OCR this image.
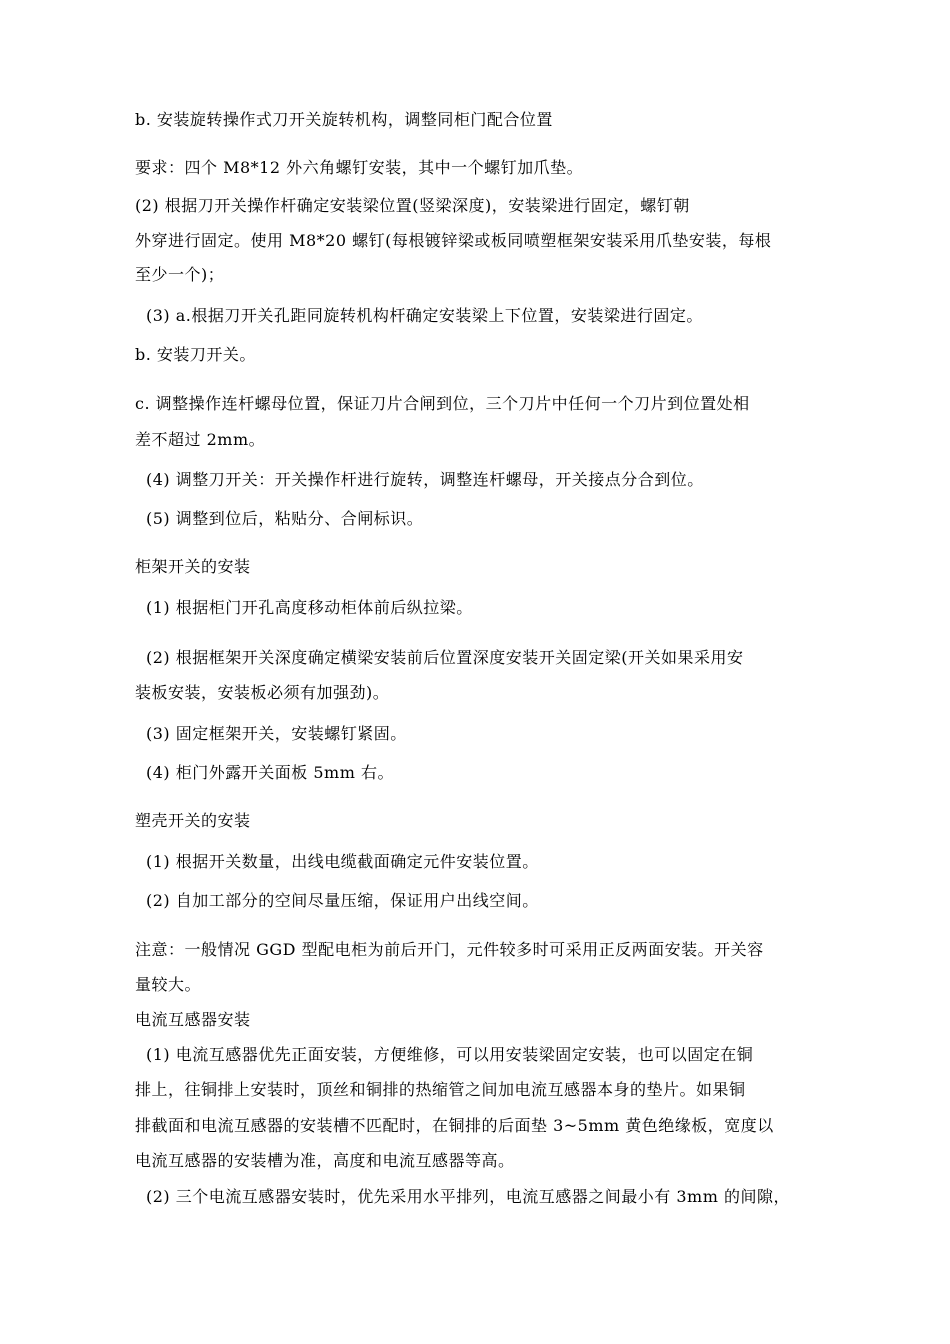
b. 安装旋转操作式刀开关旋转机构，调整同柜门配合位置
要求：四个 M8*12 外六角螺钉安装，其中一个螺钉加爪垫。
(2) 根据刀开关操作杆确定安装梁位置(竖梁深度)，安装梁进行固定，螺钉朝
外穿进行固定。使用 M8*20 螺钉(每根镀锌梁或板同喷塑框架安装采用爪垫安装，每根
至少一个)；
(3) a.根据刀开关孔距同旋转机构杆确定安装梁上下位置，安装梁进行固定。
b. 安装刀开关。
c. 调整操作连杆螺母位置，保证刀片合闸到位，三个刀片中任何一个刀片到位置处相
差不超过 2mm。
(4) 调整刀开关：开关操作杆进行旋转，调整连杆螺母，开关接点分合到位。
(5) 调整到位后，粘贴分、合闸标识。
柜架开关的安装
(1) 根据柜门开孔高度移动柜体前后纵拉梁。
(2) 根据框架开关深度确定横梁安装前后位置深度安装开关固定梁(开关如果采用安
装板安装，安装板必须有加强劲)。
(3) 固定框架开关，安装螺钉紧固。
(4) 柜门外露开关面板 5mm 右。
塑壳开关的安装
(1) 根据开关数量，出线电缆截面确定元件安装位置。
(2) 自加工部分的空间尽量压缩，保证用户出线空间。
注意：一般情况 GGD 型配电柜为前后开门，元件较多时可采用正反两面安装。开关容
量较大。
电流互感器安装
(1) 电流互感器优先正面安装，方便维修，可以用安装梁固定安装，也可以固定在铜
排上，往铜排上安装时，顶丝和铜排的热缩管之间加电流互感器本身的垫片。如果铜
排截面和电流互感器的安装槽不匹配时，在铜排的后面垫 3~5mm 黄色绝缘板，宽度以
电流互感器的安装槽为准，高度和电流互感器等高。
(2) 三个电流互感器安装时，优先采用水平排列，电流互感器之间最小有 3mm 的间隙，
